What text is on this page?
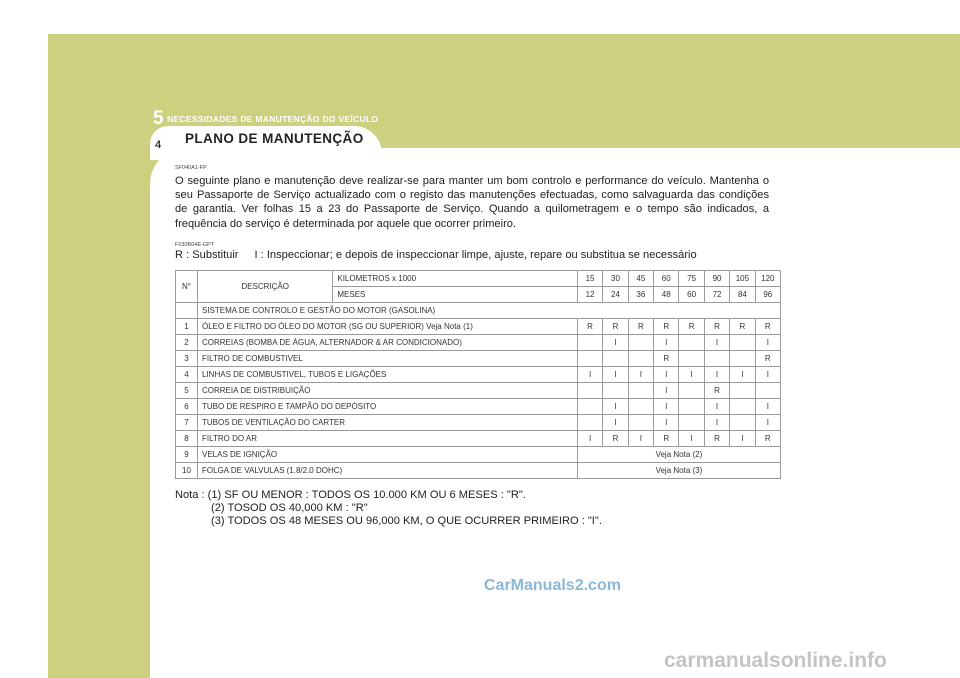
5 NECESSIDADES DE MANUTENÇÃO DO VEÍCULO
4 PLANO DE MANUTENÇÃO
SF040A1-FP
O seguinte plano e manutenção deve realizar-se para manter um bom controlo e performance do veículo. Mantenha o seu Passaporte de Serviço actualizado com o registo das manutenções efectuadas, como salvaguarda das condições de garantia. Ver folhas 15 a 23 do Passaporte de Serviço. Quando a quilometragem e o tempo são indicados, a frequência do serviço é determinada por aquele que ocorrer primeiro.
F030B04E-GPT
R : Substituir I : Inspeccionar; e depois de inspeccionar limpe, ajuste, repare ou substitua se necessário
N°	DESCRIÇÃO	KILOMETROS x 1000	15	30	45	60	75	90	105	120
		MESES	12	24	36	48	60	72	84	96
	SISTEMA DE CONTROLO E GESTÃO DO MOTOR (GASOLINA)									
1	ÓLEO E FILTRO DO ÓLEO DO MOTOR (SG OU SUPERIOR) Veja Nota (1)		R	R	R	R	R	R	R	R
2	CORREIAS (BOMBA DE ÁGUA, ALTERNADOR & AR CONDICIONADO)			I		I		I		I
3	FILTRO DE COMBUSTIVEL					R				R
4	LINHAS DE COMBUSTIVEL, TUBOS E LIGAÇÕES		I	I	I	I	I	I	I	I
5	CORREIA DE DISTRIBUIÇÃO					I		R		
6	TUBO DE RESPIRO E TAMPÃO DO DEPÓSITO			I		I		I		I
7	TUBOS DE VENTILAÇÃO DO CARTER			I		I		I		I
8	FILTRO DO AR		I	R	I	R	I	R	I	R
9	VELAS DE IGNIÇÃO		Veja Nota (2)							
10	FOLGA DE VALVULAS (1.8/2.0 DOHC)		Veja Nota (3)							
Nota : (1) SF OU MENOR : TODOS OS 10.000 KM OU 6 MESES : "R".
(2) TOSOD OS 40,000 KM : "R"
(3) TODOS OS 48 MESES OU 96,000 KM, O QUE OCURRER PRIMEIRO : "I".
CarManuals2.com
carmanualsonline.info
